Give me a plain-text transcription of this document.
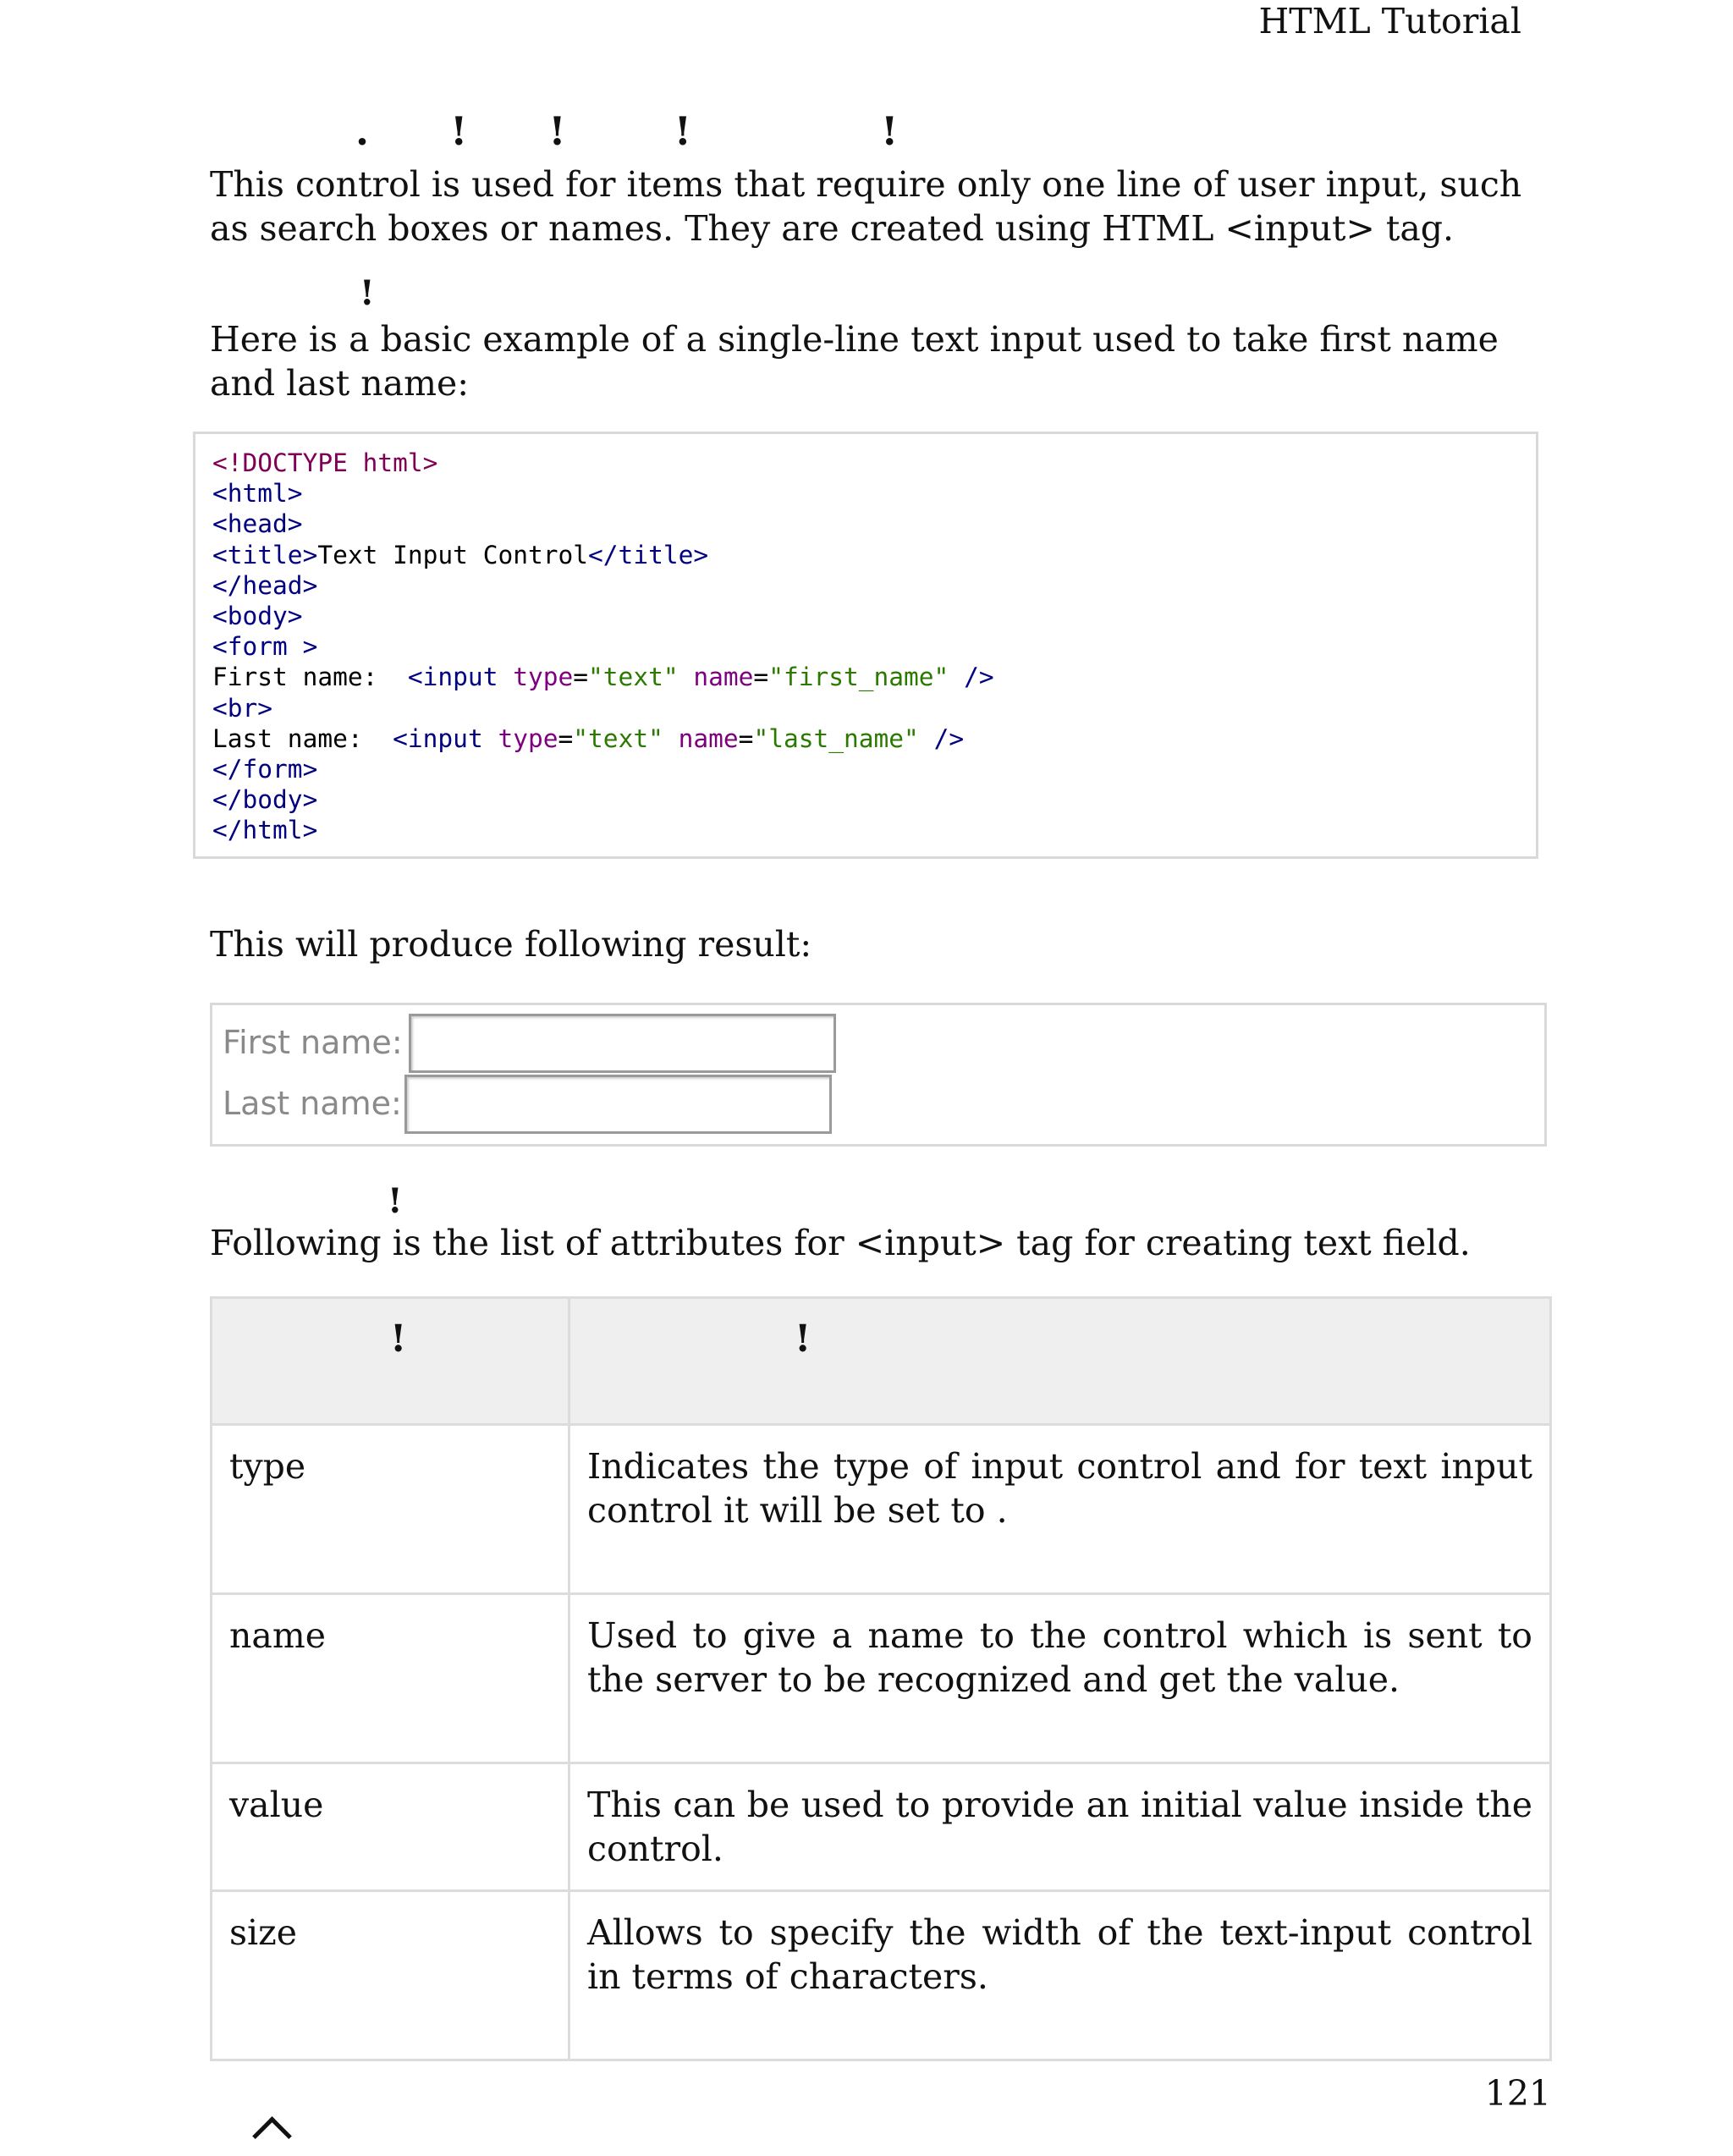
HTML Tutorial
.      !      !        !              !
This control is used for items that require only one line of user input, such as search boxes or names. They are created using HTML <input> tag.
!
Here is a basic example of a single-line text input used to take first name and last name:
<!DOCTYPE html>
<html>
<head>
<title>Text Input Control</title>
</head>
<body>
<form >
First name:  <input type="text" name="first_name" />
<br>
Last name:  <input type="text" name="last_name" />
</form>
</body>
</html>
This will produce following result:
First name:
Last name:
!
Following is the list of attributes for <input> tag for creating text field.
!	!
type	Indicates the type of input control and for text input control it will be set to .
name	Used to give a name to the control which is sent to the server to be recognized and get the value.
value	This can be used to provide an initial value inside the control.
size	Allows to specify the width of the text-input control in terms of characters.
121
